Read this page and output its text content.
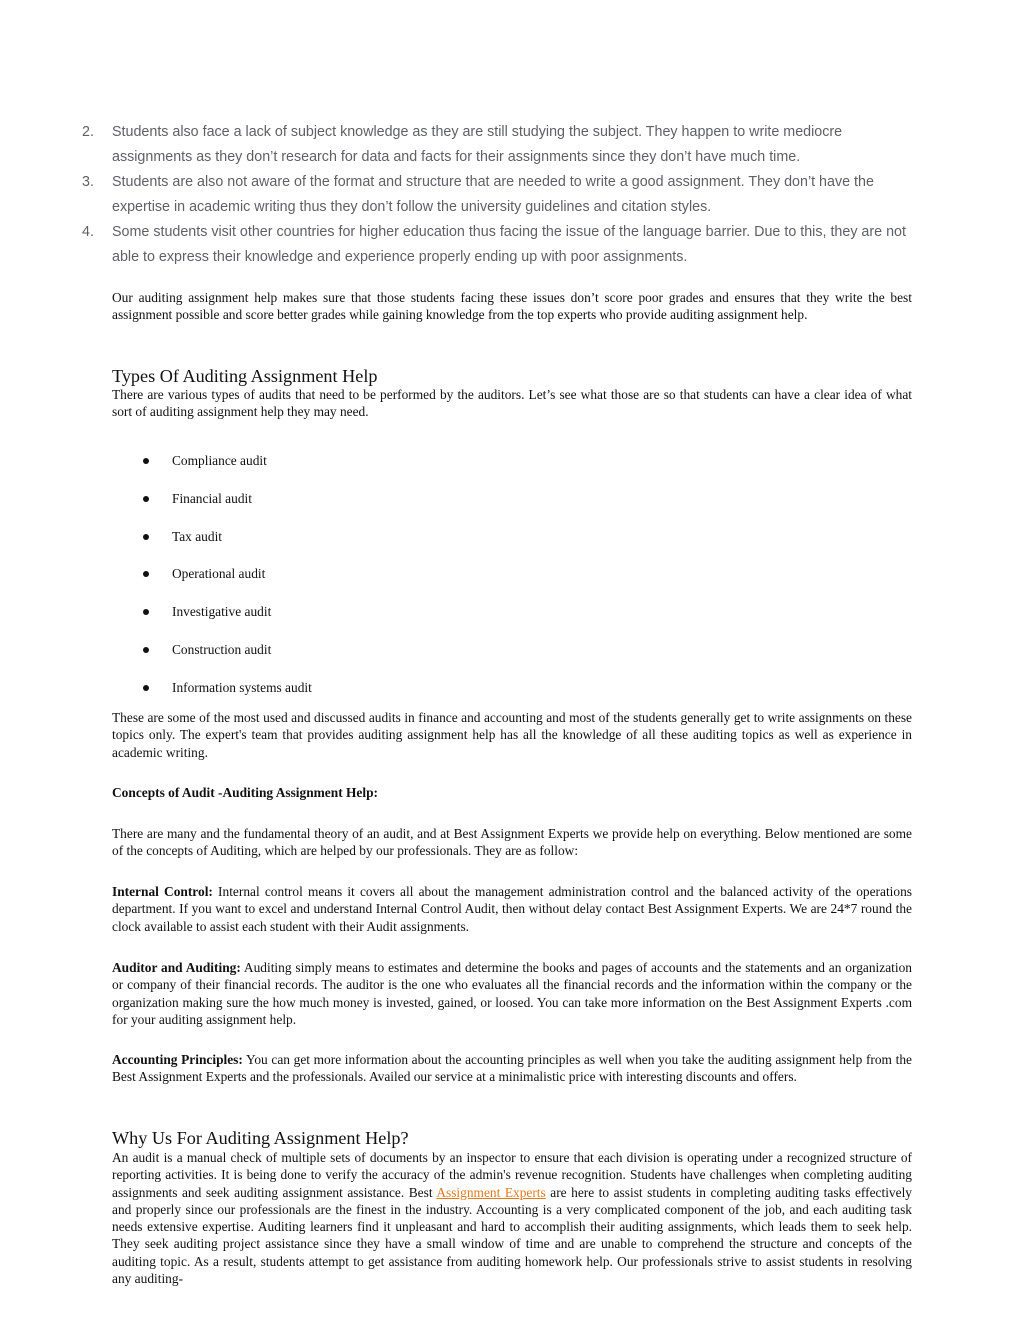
2. Students also face a lack of subject knowledge as they are still studying the subject. They happen to write mediocre assignments as they don’t research for data and facts for their assignments since they don’t have much time.
3. Students are also not aware of the format and structure that are needed to write a good assignment. They don’t have the expertise in academic writing thus they don’t follow the university guidelines and citation styles.
4. Some students visit other countries for higher education thus facing the issue of the language barrier. Due to this, they are not able to express their knowledge and experience properly ending up with poor assignments.

Our auditing assignment help makes sure that those students facing these issues don’t score poor grades and ensures that they write the best assignment possible and score better grades while gaining knowledge from the top experts who provide auditing assignment help.

Types Of Auditing Assignment Help

There are various types of audits that need to be performed by the auditors. Let’s see what those are so that students can have a clear idea of what sort of auditing assignment help they may need.

Compliance audit
Financial audit
Tax audit
Operational audit
Investigative audit
Construction audit
Information systems audit

These are some of the most used and discussed audits in finance and accounting and most of the students generally get to write assignments on these topics only. The expert's team that provides auditing assignment help has all the knowledge of all these auditing topics as well as experience in academic writing.

Concepts of Audit -Auditing Assignment Help:

There are many and the fundamental theory of an audit, and at Best Assignment Experts we provide help on everything. Below mentioned are some of the concepts of Auditing, which are helped by our professionals. They are as follow:

Internal Control: Internal control means it covers all about the management administration control and the balanced activity of the operations department. If you want to excel and understand Internal Control Audit, then without delay contact Best Assignment Experts. We are 24*7 round the clock available to assist each student with their Audit assignments.

Auditor and Auditing: Auditing simply means to estimates and determine the books and pages of accounts and the statements and an organization or company of their financial records. The auditor is the one who evaluates all the financial records and the information within the company or the organization making sure the how much money is invested, gained, or loosed. You can take more information on the Best Assignment Experts .com for your auditing assignment help.

Accounting Principles: You can get more information about the accounting principles as well when you take the auditing assignment help from the Best Assignment Experts and the professionals. Availed our service at a minimalistic price with interesting discounts and offers.

Why Us For Auditing Assignment Help?

An audit is a manual check of multiple sets of documents by an inspector to ensure that each division is operating under a recognized structure of reporting activities. It is being done to verify the accuracy of the admin's revenue recognition. Students have challenges when completing auditing assignments and seek auditing assignment assistance. Best Assignment Experts are here to assist students in completing auditing tasks effectively and properly since our professionals are the finest in the industry. Accounting is a very complicated component of the job, and each auditing task needs extensive expertise. Auditing learners find it unpleasant and hard to accomplish their auditing assignments, which leads them to seek help. They seek auditing project assistance since they have a small window of time and are unable to comprehend the structure and concepts of the auditing topic. As a result, students attempt to get assistance from auditing homework help. Our professionals strive to assist students in resolving any auditing-
